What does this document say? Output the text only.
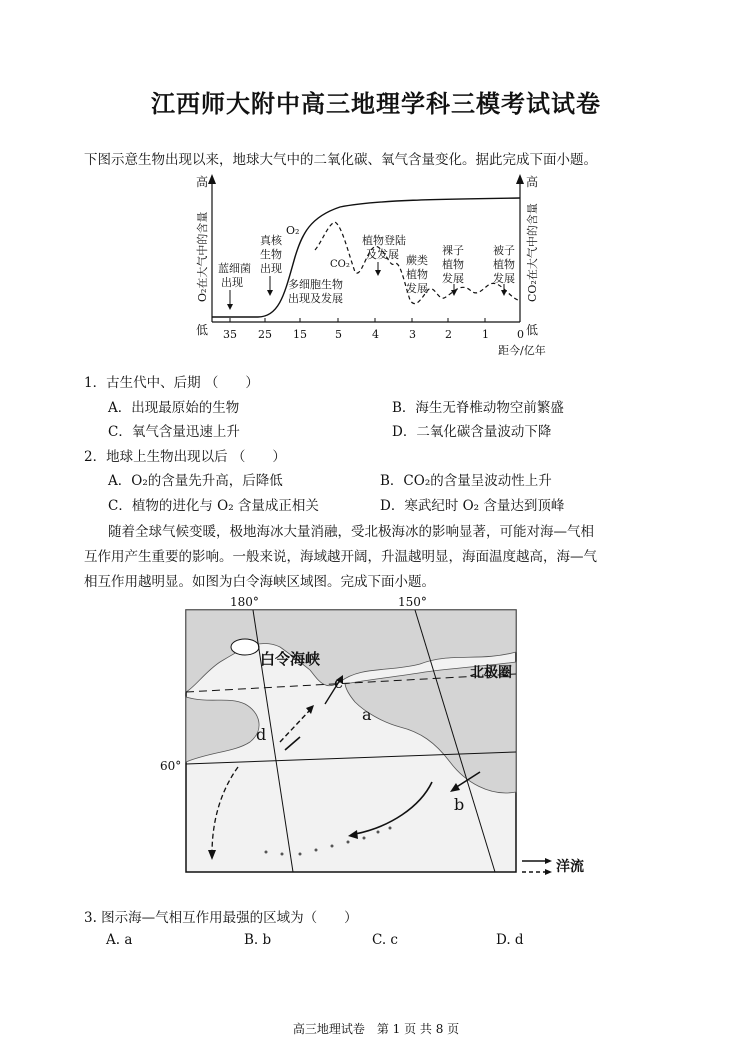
江西师大附中高三地理学科三模考试试卷
下图示意生物出现以来，地球大气中的二氧化碳、氧气含量变化。据此完成下面小题。
高
低
高
低
O₂在大气中的含量	CO₂在大气中的含量
35 25 15	5	4	3	2	1	0
距今/亿年
O₂
CO₂
蓝细菌
出现
真核
生物
出现
多细胞生物
出现及发展
植物登陆
及发展 蕨类
植物
发展
裸子
植物
发展
被子
植物
发展
1．古生代中、后期 （　　）
A．出现最原始的生物	B．海生无脊椎动物空前繁盛
C．氧气含量迅速上升	D．二氧化碳含量波动下降
2．地球上生物出现以后 （　　）
A．O₂的含量先升高，后降低	B．CO₂的含量呈波动性上升
C．植物的进化与 O₂ 含量成正相关	D．寒武纪时 O₂ 含量达到顶峰
随着全球气候变暖，极地海冰大量消融，受北极海冰的影响显著，可能对海—气相
互作用产生重要的影响。一般来说，海域越开阔，升温越明显，海面温度越高，海—气
相互作用越明显。如图为白令海峡区域图。完成下面小题。
180°	150°
60°
白令海峡
北极圈
c
a
b
d
洋流
3. 图示海—气相互作用最强的区域为（　　）
A. a	B. b	C. c	D. d
高三地理试卷　第 1 页 共 8 页
